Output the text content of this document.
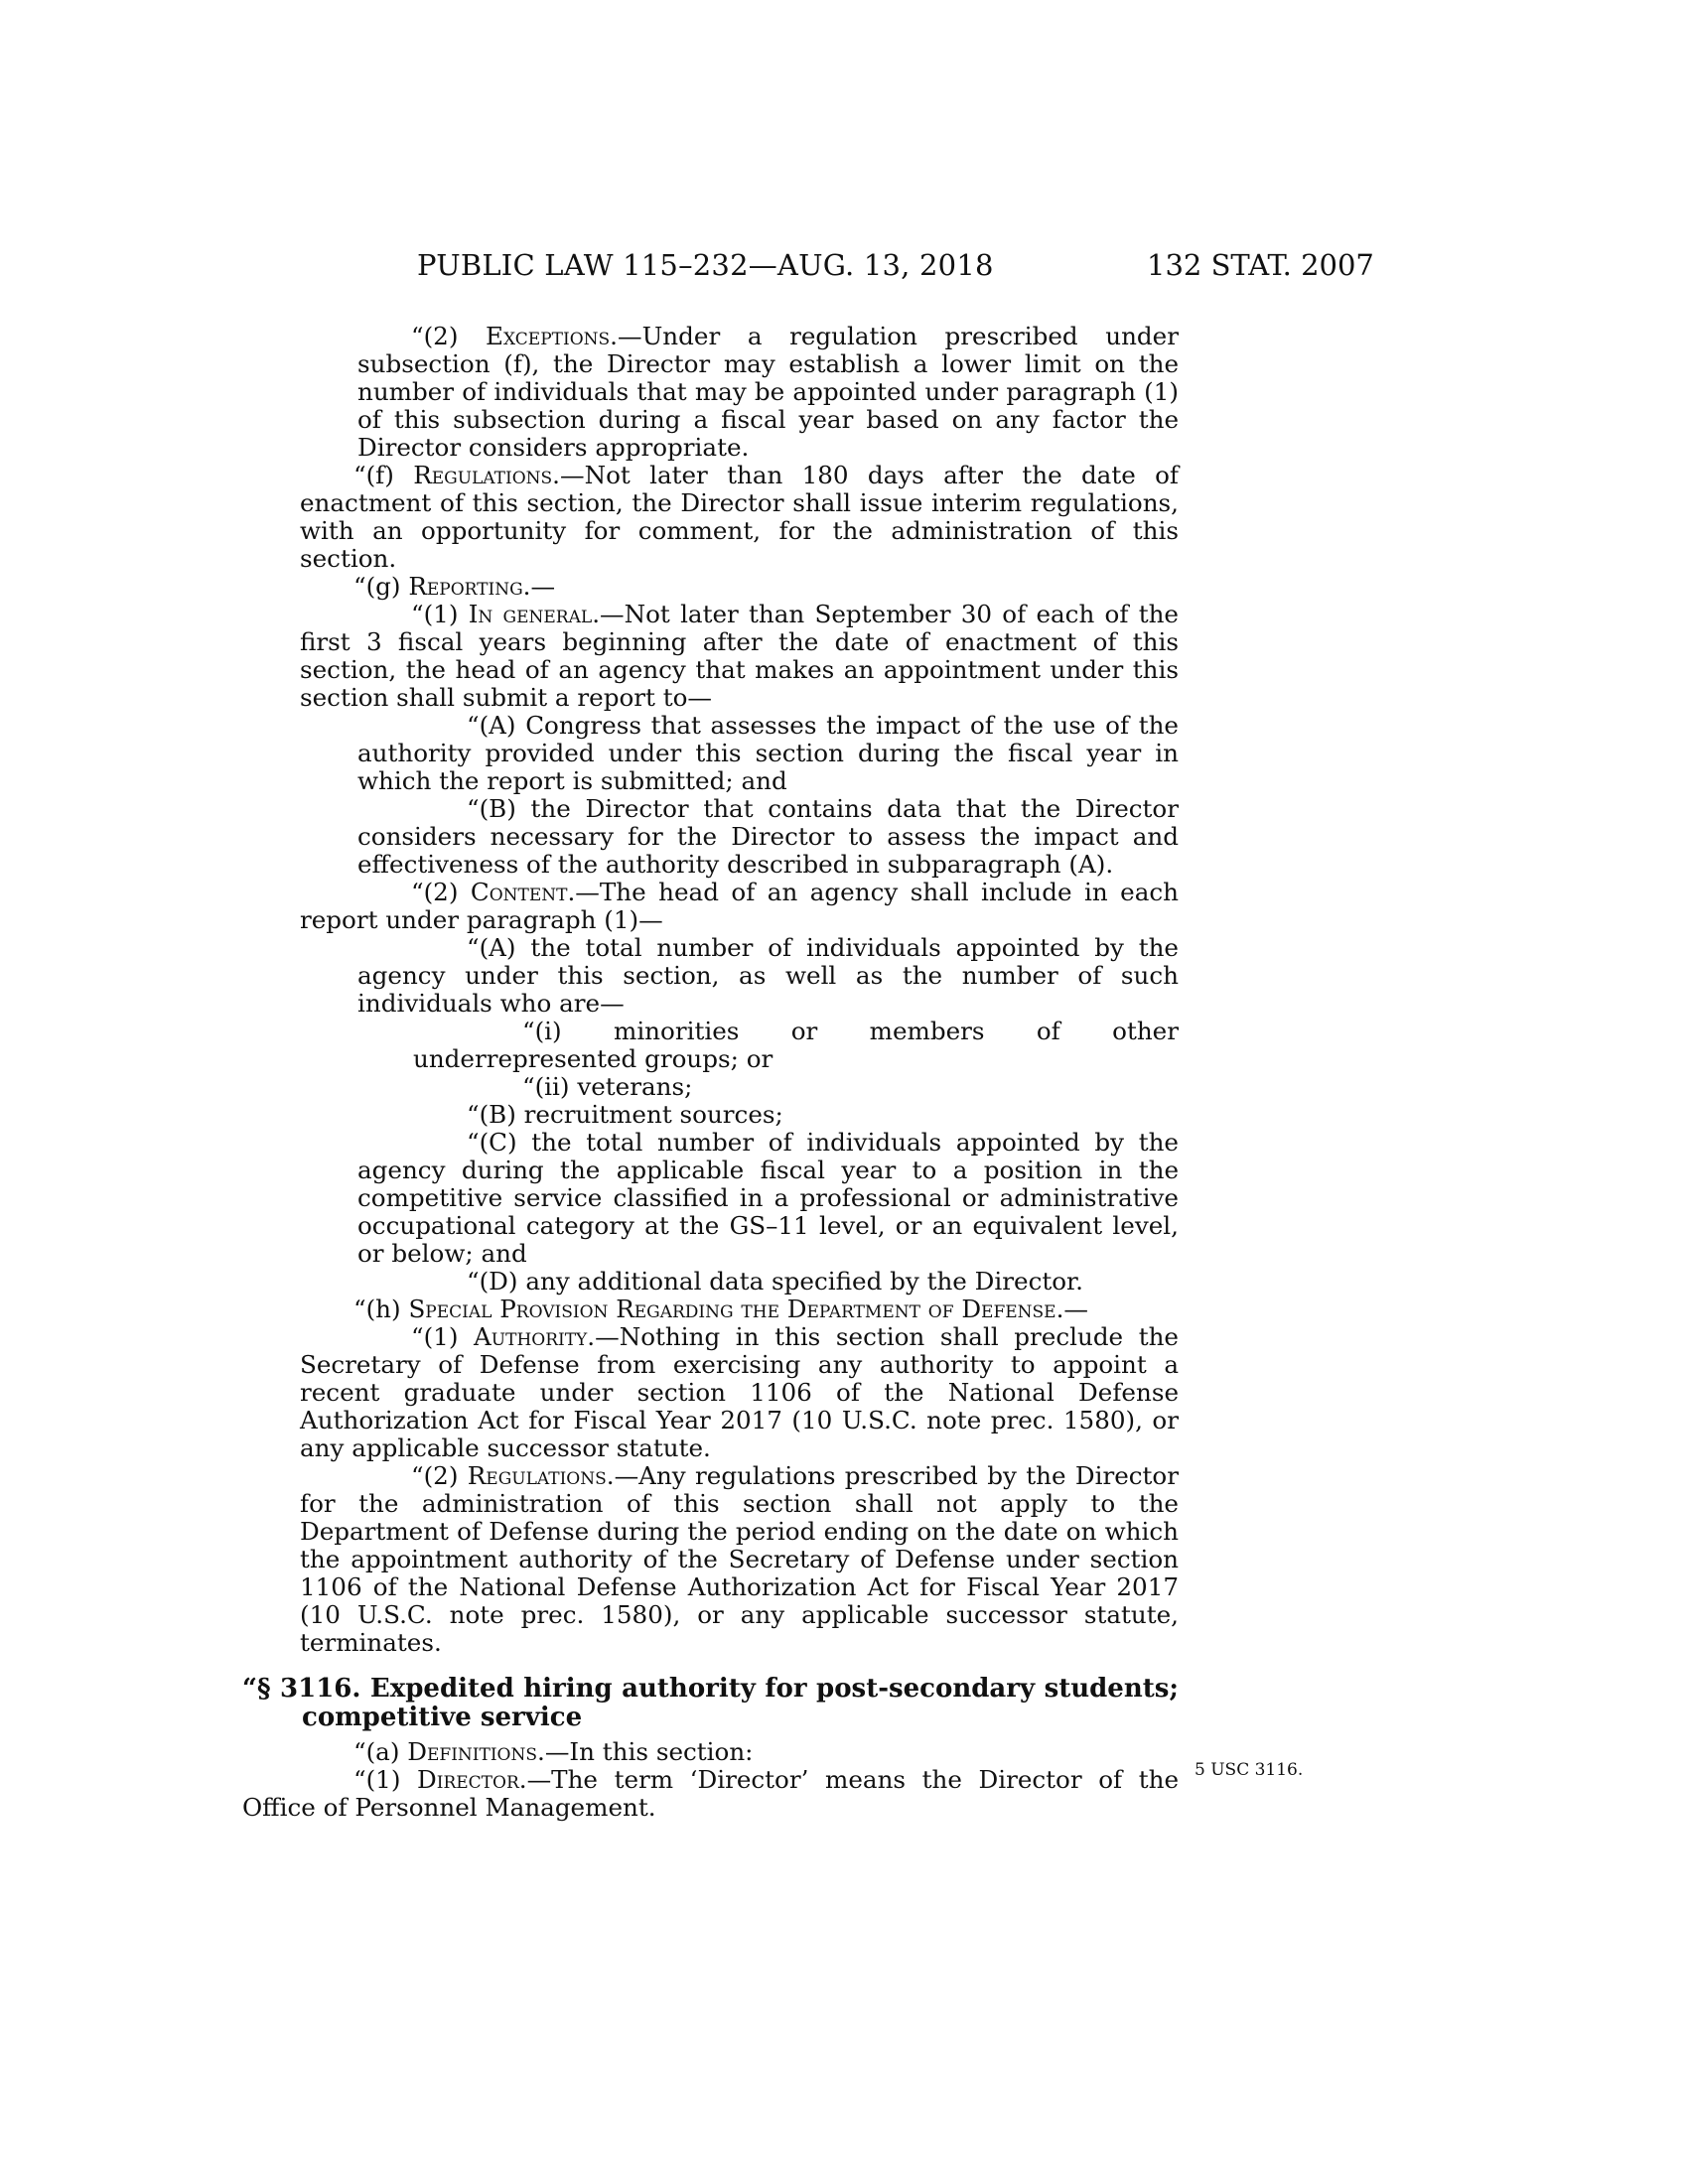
PUBLIC LAW 115–232—AUG. 13, 2018	132 STAT. 2007
5 USC 3116.

“(2) Exceptions.—Under a regulation prescribed under subsection (f), the Director may establish a lower limit on the number of individuals that may be appointed under paragraph (1) of this subsection during a fiscal year based on any factor the Director considers appropriate.

“(f) Regulations.—Not later than 180 days after the date of enactment of this section, the Director shall issue interim regulations, with an opportunity for comment, for the administration of this section.

“(g) Reporting.—

“(1) In general.—Not later than September 30 of each of the first 3 fiscal years beginning after the date of enactment of this section, the head of an agency that makes an appointment under this section shall submit a report to—

“(A) Congress that assesses the impact of the use of the authority provided under this section during the fiscal year in which the report is submitted; and

“(B) the Director that contains data that the Director considers necessary for the Director to assess the impact and effectiveness of the authority described in subparagraph (A).

“(2) Content.—The head of an agency shall include in each report under paragraph (1)—

“(A) the total number of individuals appointed by the agency under this section, as well as the number of such individuals who are—

“(i) minorities or members of other underrepresented groups; or

“(ii) veterans;

“(B) recruitment sources;

“(C) the total number of individuals appointed by the agency during the applicable fiscal year to a position in the competitive service classified in a professional or administrative occupational category at the GS–11 level, or an equivalent level, or below; and

“(D) any additional data specified by the Director.

“(h) Special Provision Regarding the Department of Defense.—

“(1) Authority.—Nothing in this section shall preclude the Secretary of Defense from exercising any authority to appoint a recent graduate under section 1106 of the National Defense Authorization Act for Fiscal Year 2017 (10 U.S.C. note prec. 1580), or any applicable successor statute.

“(2) Regulations.—Any regulations prescribed by the Director for the administration of this section shall not apply to the Department of Defense during the period ending on the date on which the appointment authority of the Secretary of Defense under section 1106 of the National Defense Authorization Act for Fiscal Year 2017 (10 U.S.C. note prec. 1580), or any applicable successor statute, terminates.

“§ 3116. Expedited hiring authority for post-secondary students; competitive service

“(a) Definitions.—In this section:

“(1) Director.—The term ‘Director’ means the Director of the Office of Personnel Management.
